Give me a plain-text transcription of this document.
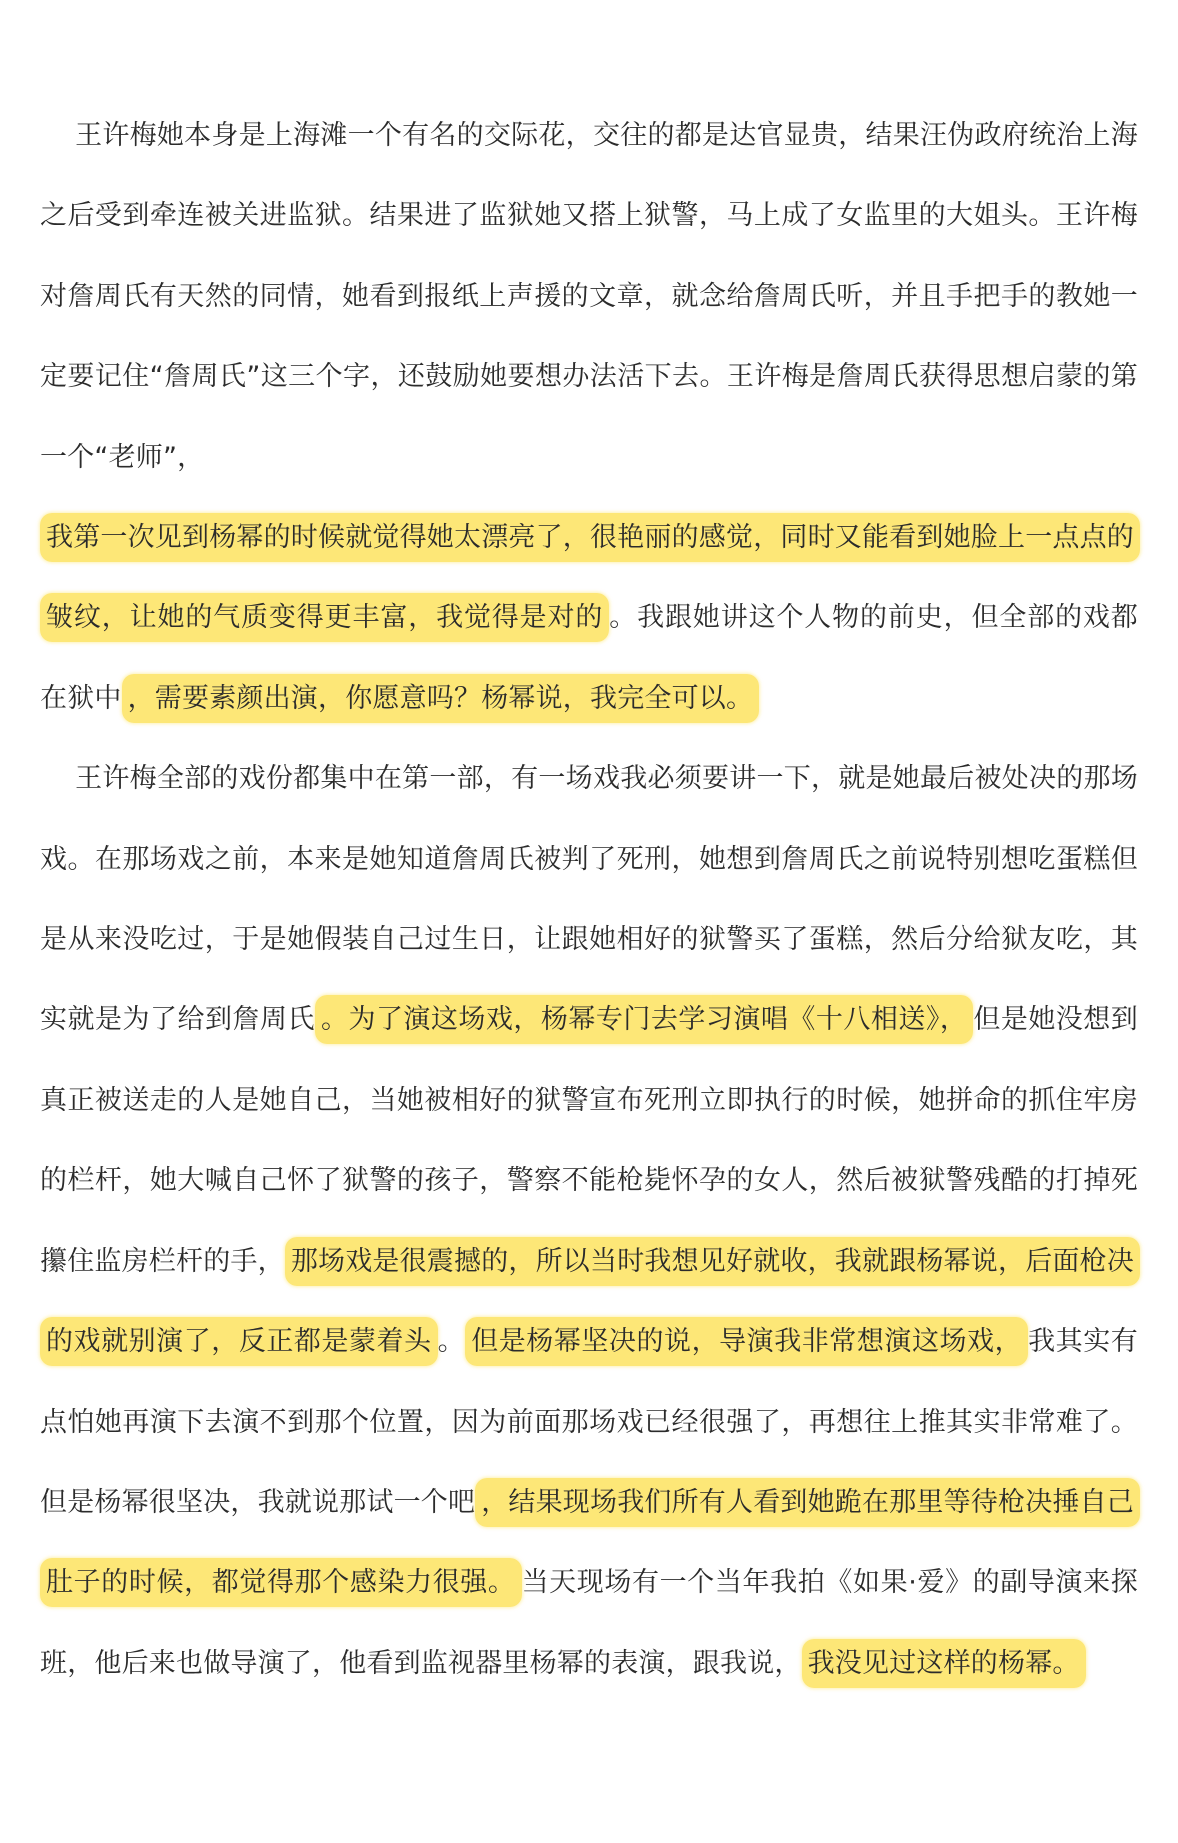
王许梅她本身是上海滩一个有名的交际花，交往的都是达官显贵，结果汪伪政府统治上海之后受到牵连被关进监狱。结果进了监狱她又搭上狱警，马上成了女监里的大姐头。王许梅对詹周氏有天然的同情，她看到报纸上声援的文章，就念给詹周氏听，并且手把手的教她一定要记住“詹周氏”这三个字，还鼓励她要想办法活下去。王许梅是詹周氏获得思想启蒙的第一个“老师”，

我第一次见到杨幂的时候就觉得她太漂亮了，很艳丽的感觉，同时又能看到她脸上一点点的皱纹，让她的气质变得更丰富，我觉得是对的 。我跟她讲这个人物的前史，但全部的戏都在狱中 ，需要素颜出演，你愿意吗？杨幂说，我完全可以。

王许梅全部的戏份都集中在第一部，有一场戏我必须要讲一下，就是她最后被处决的那场戏。在那场戏之前，本来是她知道詹周氏被判了死刑，她想到詹周氏之前说特别想吃蛋糕但是从来没吃过，于是她假装自己过生日，让跟她相好的狱警买了蛋糕，然后分给狱友吃，其实就是为了给到詹周氏 。为了演这场戏，杨幂专门去学习演唱《十八相送》， 但是她没想到真正被送走的人是她自己，当她被相好的狱警宣布死刑立即执行的时候，她拼命的抓住牢房的栏杆，她大喊自己怀了狱警的孩子，警察不能枪毙怀孕的女人，然后被狱警残酷的打掉死攥住监房栏杆的手， 那场戏是很震撼的，所以当时我想见好就收，我就跟杨幂说，后面枪决的戏就别演了，反正都是蒙着头 。 但是杨幂坚决的说，导演我非常想演这场戏， 我其实有点怕她再演下去演不到那个位置，因为前面那场戏已经很强了，再想往上推其实非常难了。但是杨幂很坚决，我就说那试一个吧 ，结果现场我们所有人看到她跪在那里等待枪决捶自己肚子的时候，都觉得那个感染力很强。 当天现场有一个当年我拍《如果·爱》的副导演来探班，他后来也做导演了，他看到监视器里杨幂的表演，跟我说， 我没见过这样的杨幂。
